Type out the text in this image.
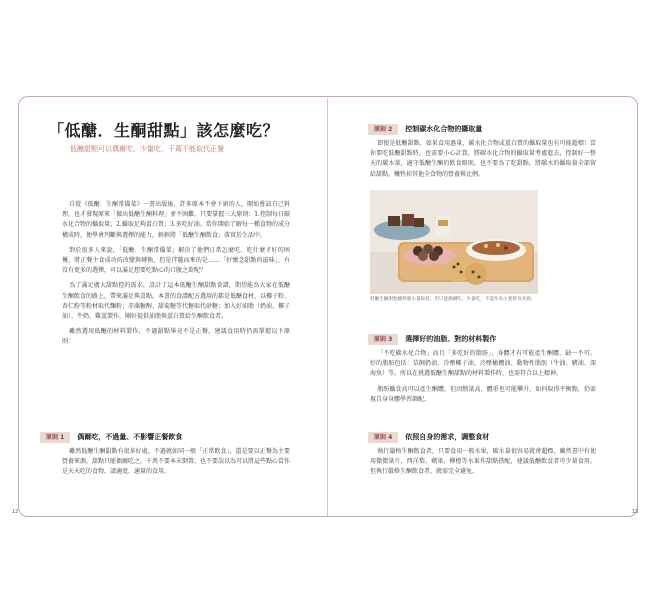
「低醣．生酮甜點」該怎麼吃？
低醣甜點可以偶爾吃、少量吃，千萬不能取代正餐

自從《低醣．生酮常備菜》一書出版後，許多原本不會下廚的人，開始嘗試自己料理，也才發現原來「做出低醣生酮料理」並不困難，只要掌握三大原則：1.控制每日碳水化合物的攝取量；2.攝取足夠蛋白質；3.多吃好油。當你開始了解每一種食物的成分構成時，便學會判斷與選擇的能力，輕輕將「低醣生酮飲食」落實於生活中。

對於很多人來說，「低醣．生酮常備菜」解決了他們日常怎麼吃、吃什麼才好的困擾，將正餐主食成功的改變與轉換，但是伴隨而來的是……「好懷念甜點的滋味」，有沒有更多的選擇，可以滿足想要吃點心的口腹之欲呢？

為了滿足廣大甜點控的需求，設計了這本低醣生酮甜點食譜，期望能為大家在低醣生酮飲食的路上，帶來滿足與喜點。本書的食譜配方選用的都是低醣食材，以椰子粉、杏仁粉等粉材取代麵粉；赤藻糖醇、甜菊糖等代糖取代砂糖；加入好油脂（奶油、椰子油）、牛奶、雞蛋製作，剛好提供油脂與蛋白質給生酮飲食者。

雖然選用低醣的材料製作，不過甜點畢竟不是正餐，建議食用時仍需掌握以下原則：

原則 1	偶爾吃，不過量、不影響正餐飲食

雖然低醣生酮甜點有很多好處，不過就如同一般「正常飲食」，還是要以正餐為主要營養來源，甜點只能偶爾吃之，千萬不要本末倒置，也不要誤以為可以將這些點心當作是天天吃的食物，請適度、適量的食用。

12
原則 2	控制碳水化合物的攝取量

即使是低醣甜點，如果食用過量，碳水化合物或蛋白質的攝取量也有可能超標！當你要吃低醣甜點時，也需要小心計算，將碳水化合物的攝取量考慮進去，控制好一整天的碳水量，適守低醣生酮的飲食原則，也不要為了吃甜點，將碳水的攝取量全部留給甜點，犧牲掉其他全食物的營養與比例。

低醣生酮甜點雖然碳水量較低，但只能偶爾吃，少量吃，不能作為主要飲食來源。
原則 3	選擇好的油脂、對的材料製作

「不吃碳水化合物」而且「多吃好的脂肪」，身體才有可能產生酮體，缺一不可。好的脂肪包括：草飼奶油、冷壓椰子油、冷壓橄欖油、動物性脂肪（牛油、豬油、深海魚）等。所以在挑選低醣生酮甜點的材料製作時，也需符合以上精神。

脂肪攝食高可以產生酮體，但因熱量高，體重也可能攀升，如何取得平衡點，仍需視自身身體學習調配。

原則 4	依照自身的需求，調整食材

執行嚴格生酮飲食者，只要食用一般水果，碳水量很容易就會超標，雖然書中有使用微微量片、西洋梨、蘋果、柳橙等水果作甜點搭配，建議低醣飲食者可少量食用，但執行嚴格生酮飲食者，就需完全避免。

13
